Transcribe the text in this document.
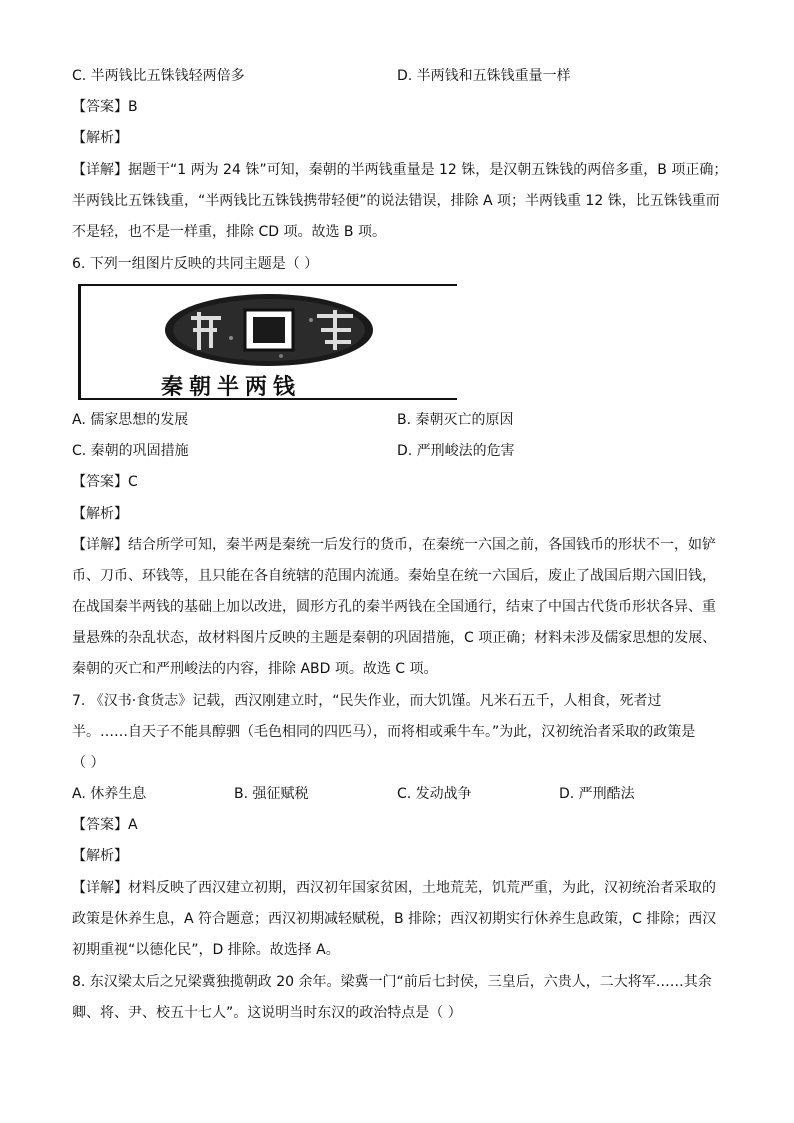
C. 半两钱比五铢钱轻两倍多	D. 半两钱和五铢钱重量一样
【答案】B
【解析】
【详解】据题干“1 两为 24 铢”可知，秦朝的半两钱重量是 12 铢，是汉朝五铢钱的两倍多重，B 项正确；
半两钱比五铢钱重，“半两钱比五铢钱携带轻便”的说法错误，排除 A 项；半两钱重 12 铢，比五铢钱重而
不是轻，也不是一样重，排除 CD 项。故选 B 项。
6. 下列一组图片反映的共同主题是（ ）
秦朝半两钱
A. 儒家思想的发展	B. 秦朝灭亡的原因
C. 秦朝的巩固措施	D. 严刑峻法的危害
【答案】C
【解析】
【详解】结合所学可知，秦半两是秦统一后发行的货币，在秦统一六国之前，各国钱币的形状不一，如铲
币、刀币、环钱等，且只能在各自统辖的范围内流通。秦始皇在统一六国后，废止了战国后期六国旧钱，
在战国秦半两钱的基础上加以改进，圆形方孔的秦半两钱在全国通行，结束了中国古代货币形状各异、重
量悬殊的杂乱状态，故材料图片反映的主题是秦朝的巩固措施，C 项正确；材料未涉及儒家思想的发展、
秦朝的灭亡和严刑峻法的内容，排除 ABD 项。故选 C 项。
7. 《汉书·食货志》记载，西汉刚建立时，“民失作业，而大饥馑。凡米石五千，人相食，死者过
半。……自天子不能具醇驷（毛色相同的四匹马），而将相或乘牛车。”为此，汉初统治者采取的政策是
（ ）
A. 休养生息	B. 强征赋税	C. 发动战争	D. 严刑酷法
【答案】A
【解析】
【详解】材料反映了西汉建立初期，西汉初年国家贫困，土地荒芜，饥荒严重，为此，汉初统治者采取的
政策是休养生息，A 符合题意；西汉初期减轻赋税，B 排除；西汉初期实行休养生息政策，C 排除；西汉
初期重视“以德化民”，D 排除。故选择 A。
8. 东汉梁太后之兄梁冀独揽朝政 20 余年。梁冀一门“前后七封侯，三皇后，六贵人，二大将军……其余
卿、将、尹、校五十七人”。这说明当时东汉的政治特点是（ ）
